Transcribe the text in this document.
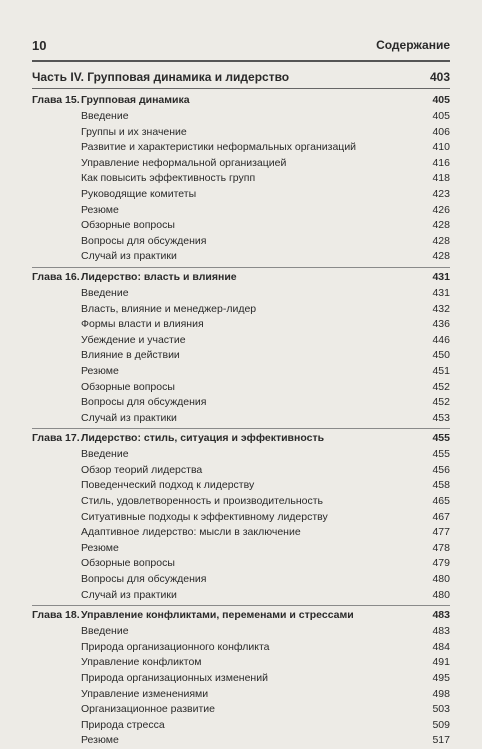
10	Содержание
Часть IV. Групповая динамика и лидерство	403
Глава 15. Групповая динамика	405
Введение	405
Группы и их значение	406
Развитие и характеристики неформальных организаций	410
Управление неформальной организацией	416
Как повысить эффективность групп	418
Руководящие комитеты	423
Резюме	426
Обзорные вопросы	428
Вопросы для обсуждения	428
Случай из практики	428
Глава 16. Лидерство: власть и влияние	431
Введение	431
Власть, влияние и менеджер-лидер	432
Формы власти и влияния	436
Убеждение и участие	446
Влияние в действии	450
Резюме	451
Обзорные вопросы	452
Вопросы для обсуждения	452
Случай из практики	453
Глава 17. Лидерство: стиль, ситуация и эффективность	455
Введение	455
Обзор теорий лидерства	456
Поведенческий подход к лидерству	458
Стиль, удовлетворенность и производительность	465
Ситуативные подходы к эффективному лидерству	467
Адаптивное лидерство: мысли в заключение	477
Резюме	478
Обзорные вопросы	479
Вопросы для обсуждения	480
Случай из практики	480
Глава 18. Управление конфликтами, переменами и стрессами	483
Введение	483
Природа организационного конфликта	484
Управление конфликтом	491
Природа организационных изменений	495
Управление изменениями	498
Организационное развитие	503
Природа стресса	509
Резюме	517
